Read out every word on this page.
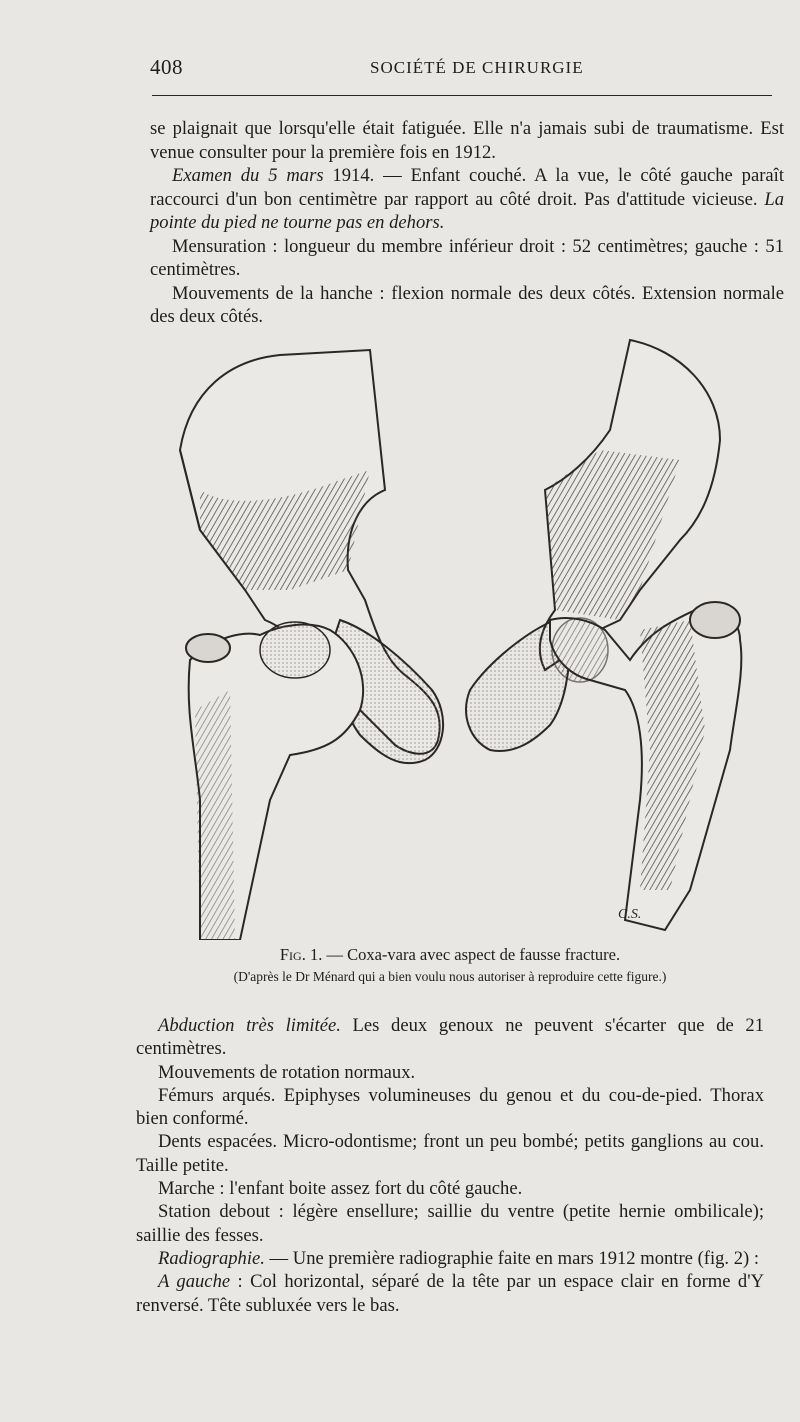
408	SOCIÉTÉ DE CHIRURGIE

se plaignait que lorsqu'elle était fatiguée. Elle n'a jamais subi de traumatisme. Est venue consulter pour la première fois en 1912.

Examen du 5 mars 1914. — Enfant couché. A la vue, le côté gauche paraît raccourci d'un bon centimètre par rapport au côté droit. Pas d'attitude vicieuse. La pointe du pied ne tourne pas en dehors.

Mensuration : longueur du membre inférieur droit : 52 centimètres; gauche : 51 centimètres.

Mouvements de la hanche : flexion normale des deux côtés. Extension normale des deux côtés.

C.S.
Fig. 1. — Coxa-vara avec aspect de fausse fracture.
(D'après le Dr Ménard qui a bien voulu nous autoriser à reproduire cette figure.)

Abduction très limitée. Les deux genoux ne peuvent s'écarter que de 21 centimètres.

Mouvements de rotation normaux.

Fémurs arqués. Epiphyses volumineuses du genou et du cou-de-pied. Thorax bien conformé.

Dents espacées. Micro-odontisme; front un peu bombé; petits ganglions au cou. Taille petite.

Marche : l'enfant boite assez fort du côté gauche.

Station debout : légère ensellure; saillie du ventre (petite hernie ombilicale); saillie des fesses.

Radiographie. — Une première radiographie faite en mars 1912 montre (fig. 2) :

A gauche : Col horizontal, séparé de la tête par un espace clair en forme d'Y renversé. Tête subluxée vers le bas.
